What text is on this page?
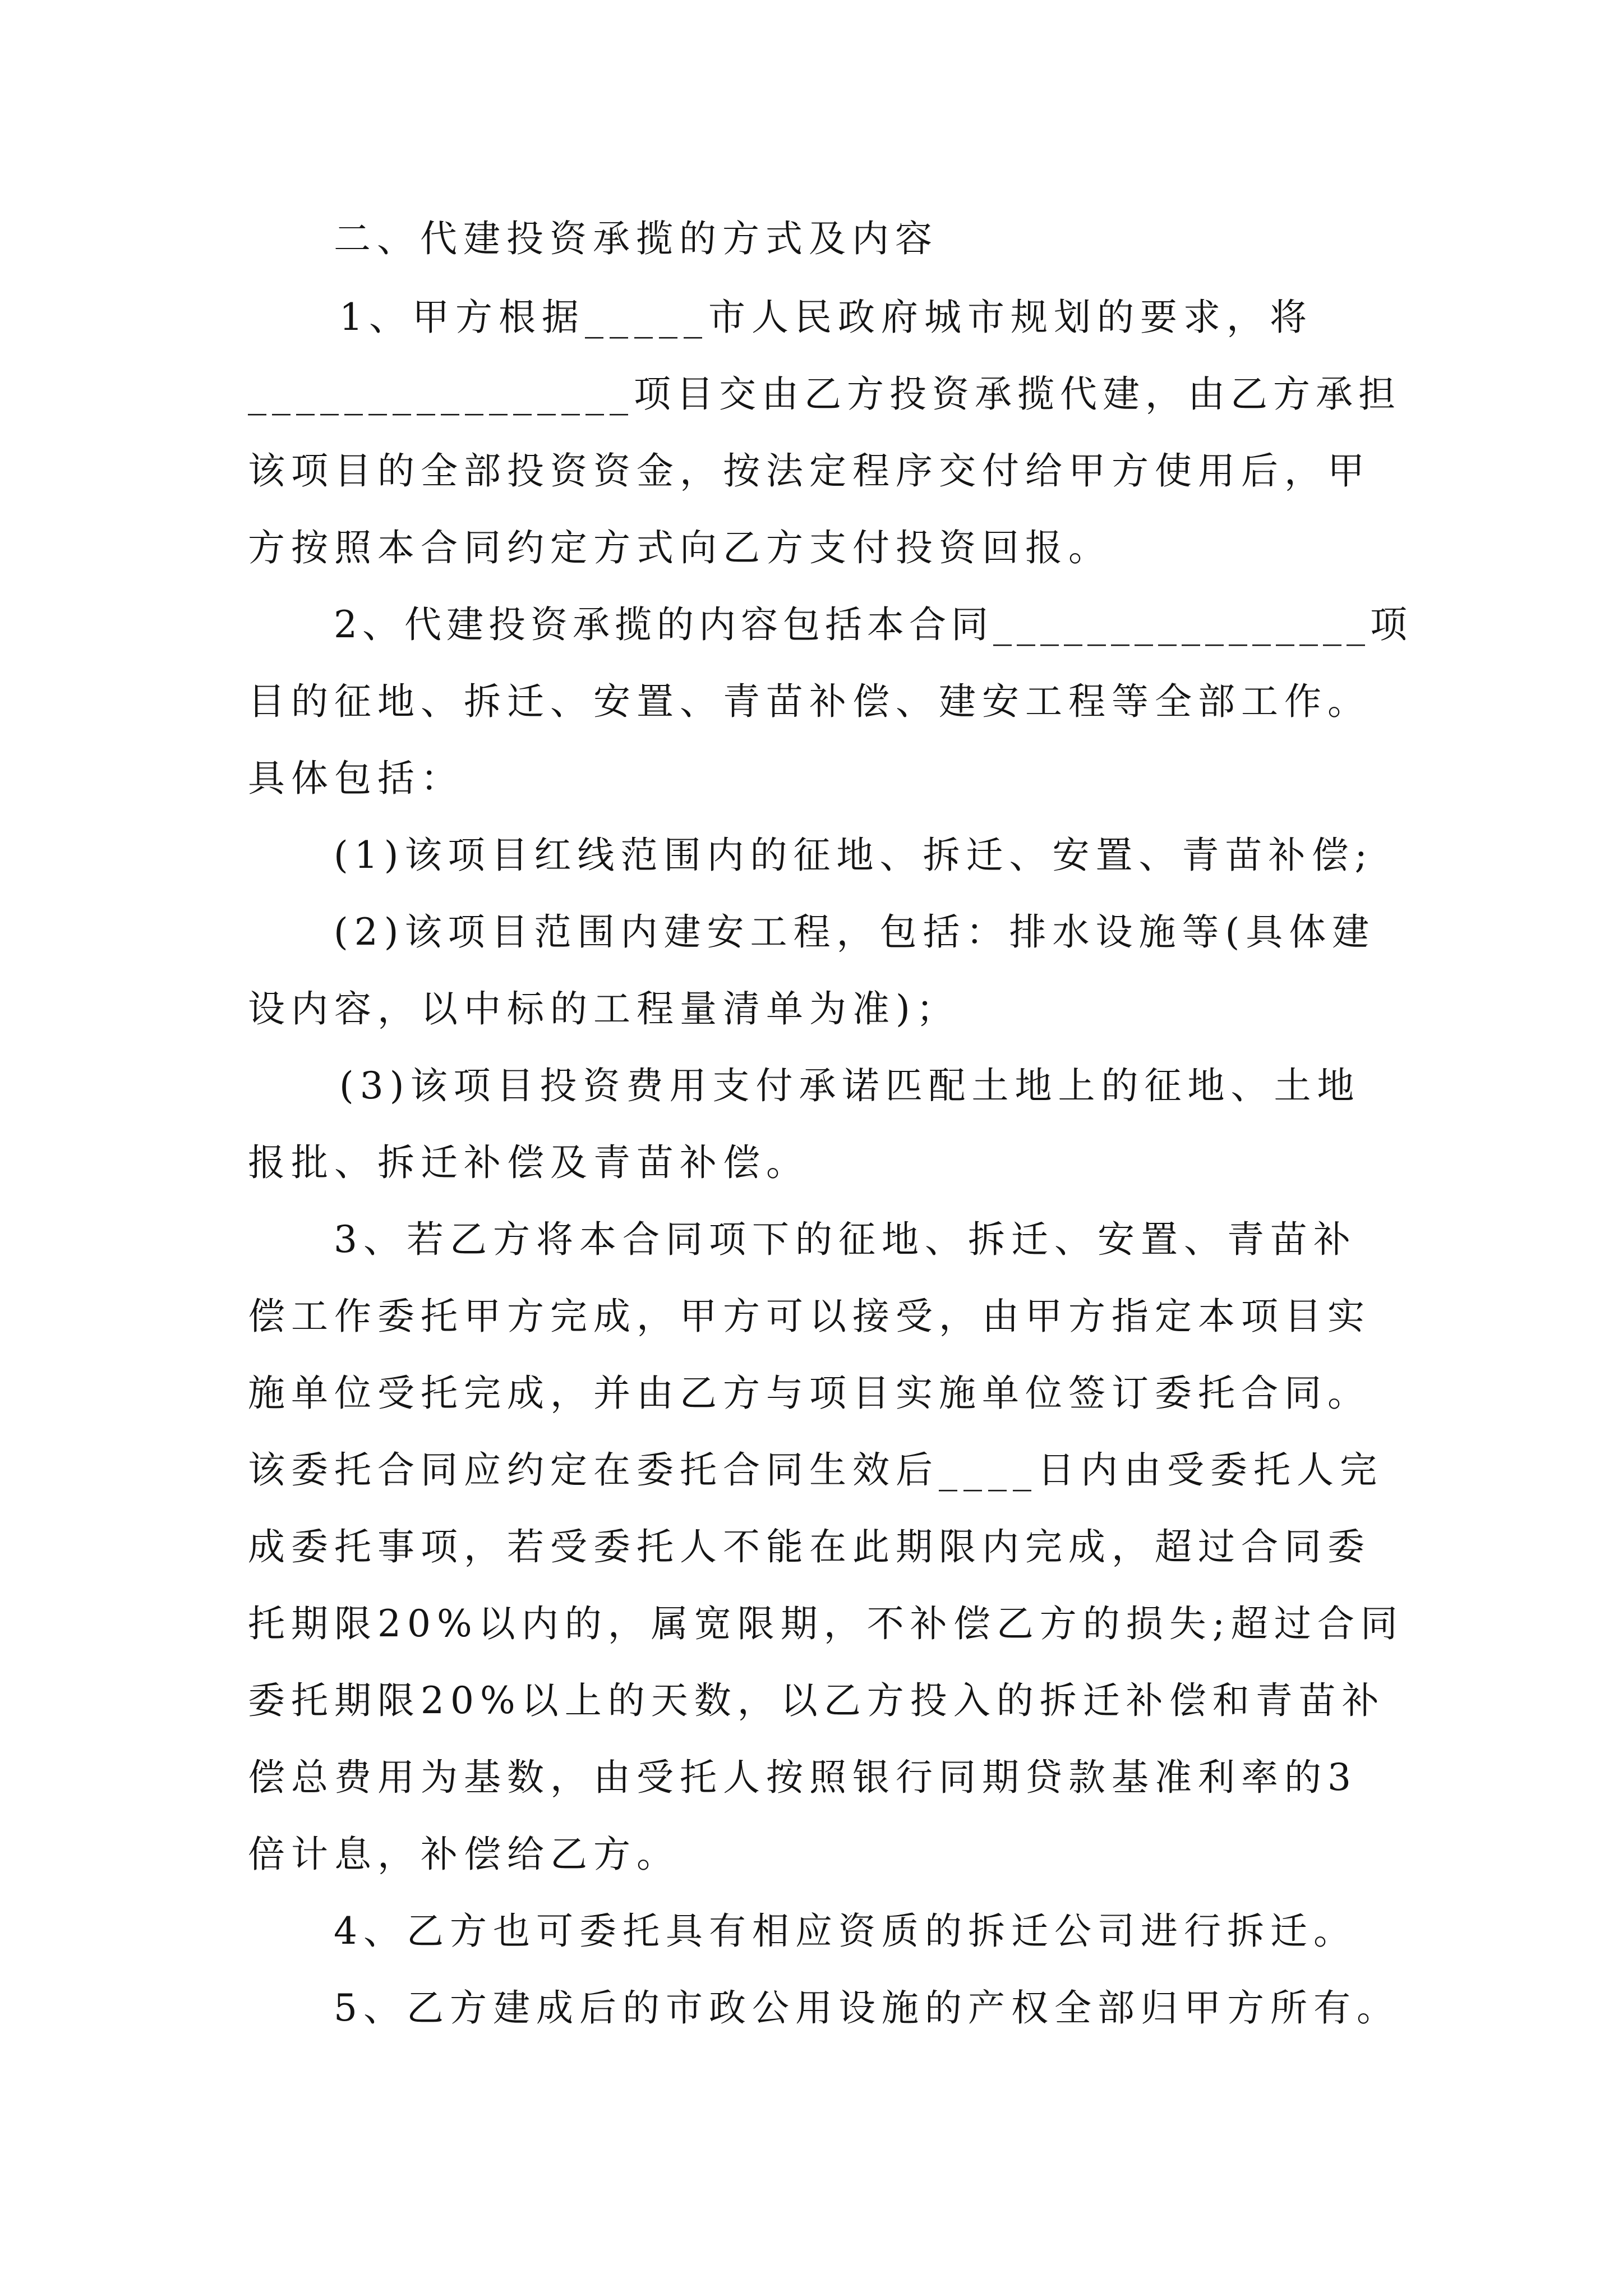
二、代建投资承揽的方式及内容
1、甲方根据_____市人民政府城市规划的要求，将
________________项目交由乙方投资承揽代建，由乙方承担
该项目的全部投资资金，按法定程序交付给甲方使用后，甲
方按照本合同约定方式向乙方支付投资回报。
2、代建投资承揽的内容包括本合同________________项
目的征地、拆迁、安置、青苗补偿、建安工程等全部工作。
具体包括：
(1)该项目红线范围内的征地、拆迁、安置、青苗补偿;
(2)该项目范围内建安工程，包括：排水设施等(具体建
设内容，以中标的工程量清单为准)；
(3)该项目投资费用支付承诺匹配土地上的征地、土地
报批、拆迁补偿及青苗补偿。
3、若乙方将本合同项下的征地、拆迁、安置、青苗补
偿工作委托甲方完成，甲方可以接受，由甲方指定本项目实
施单位受托完成，并由乙方与项目实施单位签订委托合同。
该委托合同应约定在委托合同生效后____日内由受委托人完
成委托事项，若受委托人不能在此期限内完成，超过合同委
托期限20%以内的，属宽限期，不补偿乙方的损失;超过合同
委托期限20%以上的天数，以乙方投入的拆迁补偿和青苗补
偿总费用为基数，由受托人按照银行同期贷款基准利率的3
倍计息，补偿给乙方。
4、乙方也可委托具有相应资质的拆迁公司进行拆迁。
5、乙方建成后的市政公用设施的产权全部归甲方所有。
